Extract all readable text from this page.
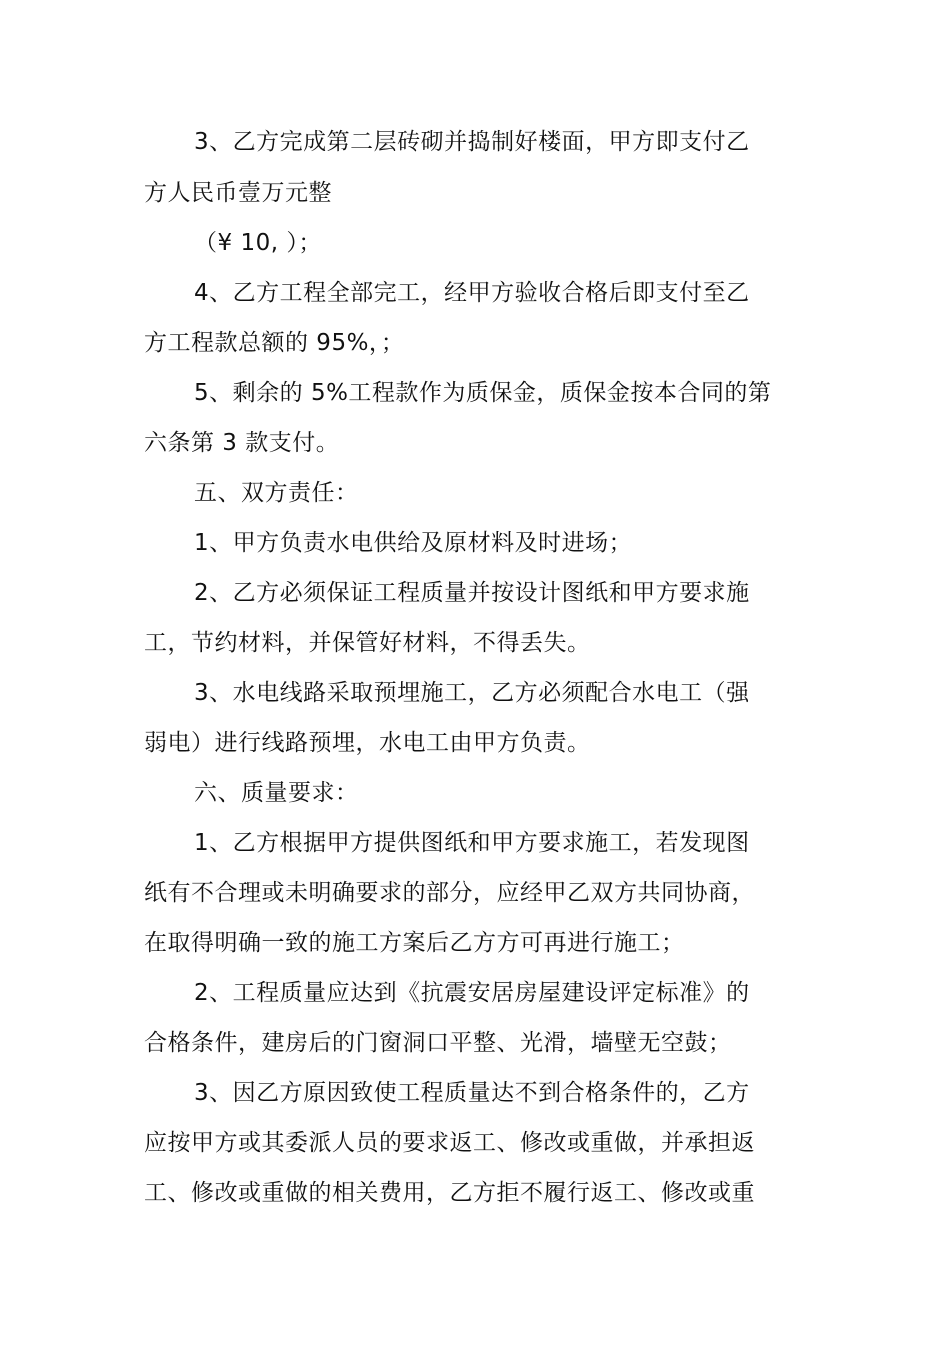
3、乙方完成第二层砖砌并捣制好楼面，甲方即支付乙
方人民币壹万元整
（¥ 10, ）；
4、乙方工程全部完工，经甲方验收合格后即支付至乙
方工程款总额的 95%，；
5、剩余的 5%工程款作为质保金，质保金按本合同的第
六条第 3 款支付。
五、双方责任：
1、甲方负责水电供给及原材料及时进场；
2、乙方必须保证工程质量并按设计图纸和甲方要求施
工，节约材料，并保管好材料，不得丢失。
3、水电线路采取预埋施工，乙方必须配合水电工（强
弱电）进行线路预埋，水电工由甲方负责。
六、质量要求：
1、乙方根据甲方提供图纸和甲方要求施工，若发现图
纸有不合理或未明确要求的部分，应经甲乙双方共同协商，
在取得明确一致的施工方案后乙方方可再进行施工；
2、工程质量应达到《抗震安居房屋建设评定标准》的
合格条件，建房后的门窗洞口平整、光滑，墙壁无空鼓；
3、因乙方原因致使工程质量达不到合格条件的，乙方
应按甲方或其委派人员的要求返工、修改或重做，并承担返
工、修改或重做的相关费用，乙方拒不履行返工、修改或重
